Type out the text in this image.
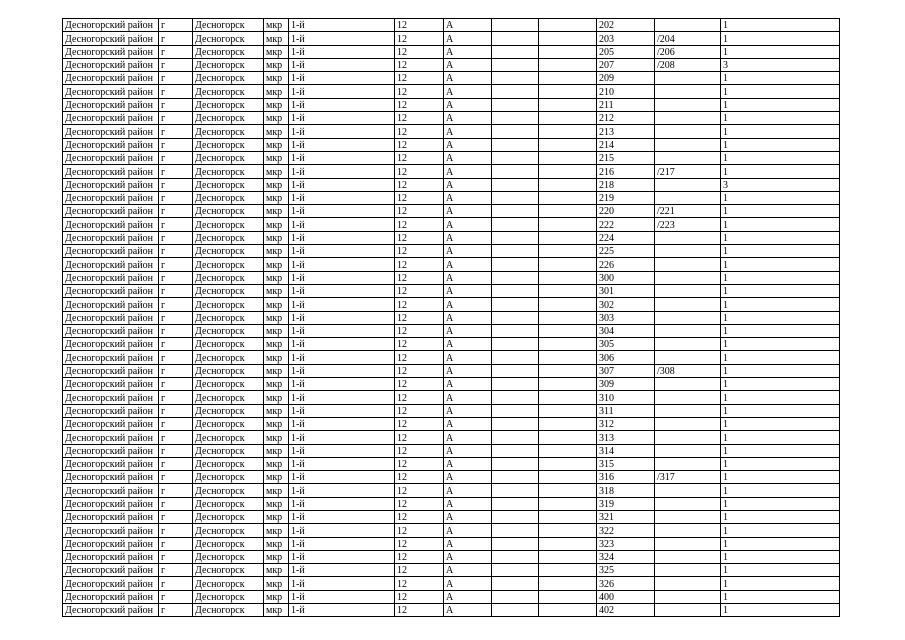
Десногорский район	г	Десногорск	мкр	1-й	12	А			202		1
Десногорский район	г	Десногорск	мкр	1-й	12	А			203	/204	1
Десногорский район	г	Десногорск	мкр	1-й	12	А			205	/206	1
Десногорский район	г	Десногорск	мкр	1-й	12	А			207	/208	3
Десногорский район	г	Десногорск	мкр	1-й	12	А			209		1
Десногорский район	г	Десногорск	мкр	1-й	12	А			210		1
Десногорский район	г	Десногорск	мкр	1-й	12	А			211		1
Десногорский район	г	Десногорск	мкр	1-й	12	А			212		1
Десногорский район	г	Десногорск	мкр	1-й	12	А			213		1
Десногорский район	г	Десногорск	мкр	1-й	12	А			214		1
Десногорский район	г	Десногорск	мкр	1-й	12	А			215		1
Десногорский район	г	Десногорск	мкр	1-й	12	А			216	/217	1
Десногорский район	г	Десногорск	мкр	1-й	12	А			218		3
Десногорский район	г	Десногорск	мкр	1-й	12	А			219		1
Десногорский район	г	Десногорск	мкр	1-й	12	А			220	/221	1
Десногорский район	г	Десногорск	мкр	1-й	12	А			222	/223	1
Десногорский район	г	Десногорск	мкр	1-й	12	А			224		1
Десногорский район	г	Десногорск	мкр	1-й	12	А			225		1
Десногорский район	г	Десногорск	мкр	1-й	12	А			226		1
Десногорский район	г	Десногорск	мкр	1-й	12	А			300		1
Десногорский район	г	Десногорск	мкр	1-й	12	А			301		1
Десногорский район	г	Десногорск	мкр	1-й	12	А			302		1
Десногорский район	г	Десногорск	мкр	1-й	12	А			303		1
Десногорский район	г	Десногорск	мкр	1-й	12	А			304		1
Десногорский район	г	Десногорск	мкр	1-й	12	А			305		1
Десногорский район	г	Десногорск	мкр	1-й	12	А			306		1
Десногорский район	г	Десногорск	мкр	1-й	12	А			307	/308	1
Десногорский район	г	Десногорск	мкр	1-й	12	А			309		1
Десногорский район	г	Десногорск	мкр	1-й	12	А			310		1
Десногорский район	г	Десногорск	мкр	1-й	12	А			311		1
Десногорский район	г	Десногорск	мкр	1-й	12	А			312		1
Десногорский район	г	Десногорск	мкр	1-й	12	А			313		1
Десногорский район	г	Десногорск	мкр	1-й	12	А			314		1
Десногорский район	г	Десногорск	мкр	1-й	12	А			315		1
Десногорский район	г	Десногорск	мкр	1-й	12	А			316	/317	1
Десногорский район	г	Десногорск	мкр	1-й	12	А			318		1
Десногорский район	г	Десногорск	мкр	1-й	12	А			319		1
Десногорский район	г	Десногорск	мкр	1-й	12	А			321		1
Десногорский район	г	Десногорск	мкр	1-й	12	А			322		1
Десногорский район	г	Десногорск	мкр	1-й	12	А			323		1
Десногорский район	г	Десногорск	мкр	1-й	12	А			324		1
Десногорский район	г	Десногорск	мкр	1-й	12	А			325		1
Десногорский район	г	Десногорск	мкр	1-й	12	А			326		1
Десногорский район	г	Десногорск	мкр	1-й	12	А			400		1
Десногорский район	г	Десногорск	мкр	1-й	12	А			402		1
